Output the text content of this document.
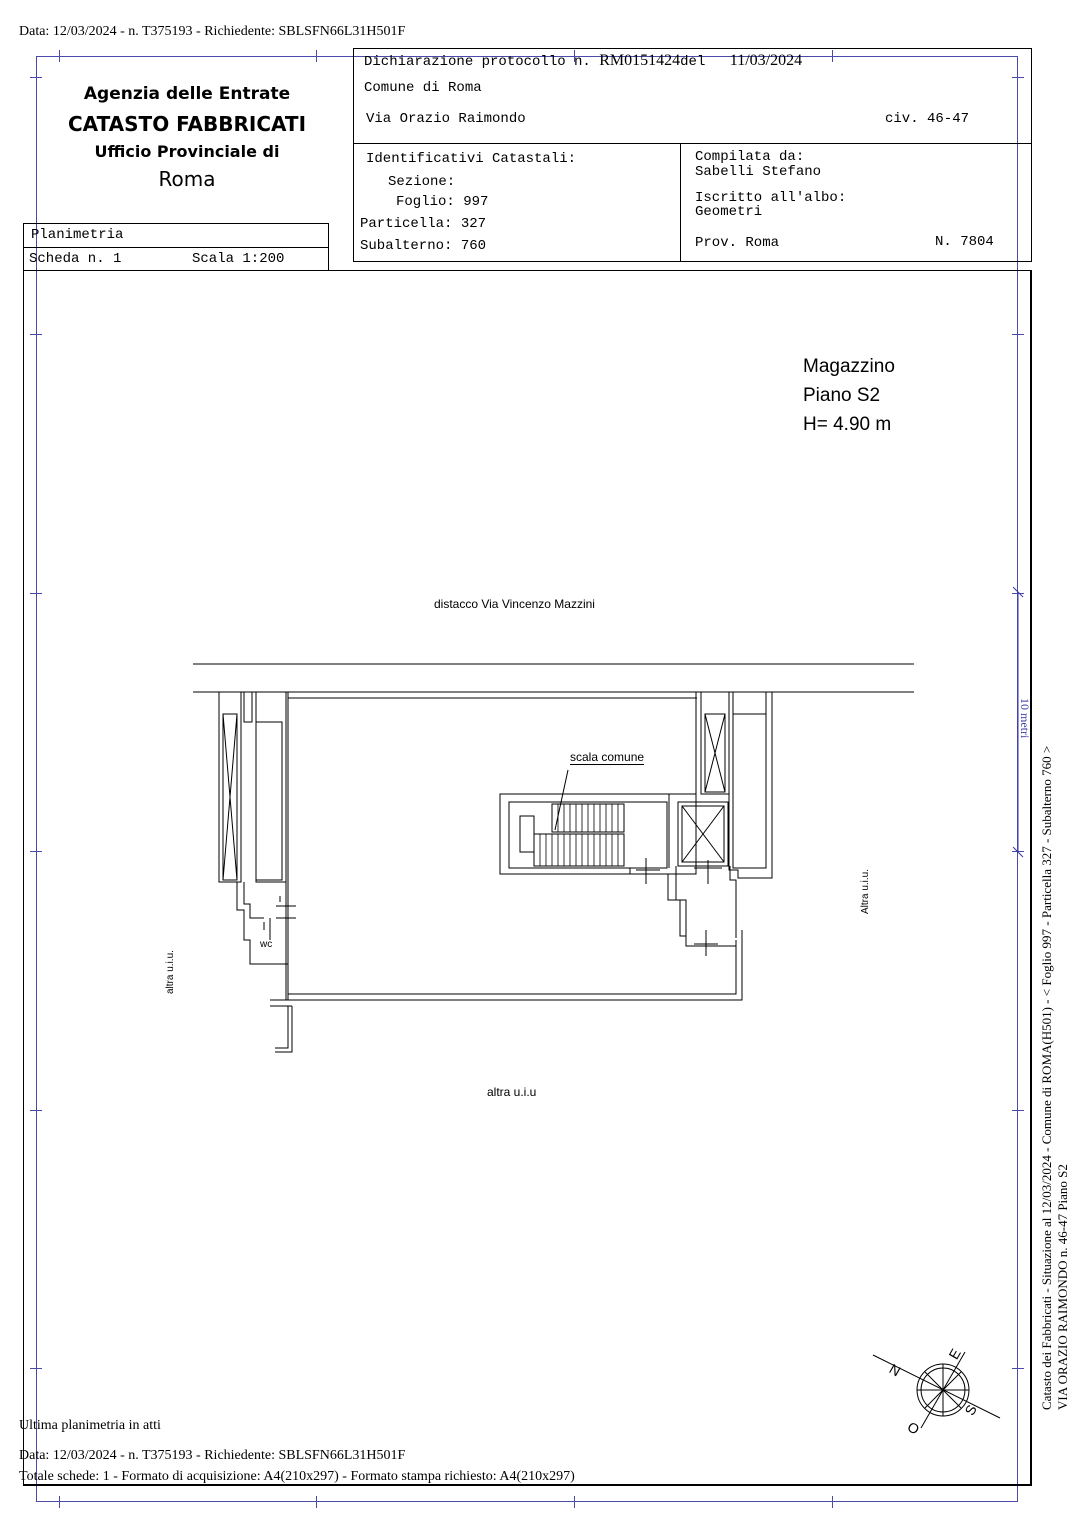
Data: 12/03/2024 - n. T375193 - Richiedente: SBLSFN66L31H501F
Agenzia delle Entrate
CATASTO FABBRICATI
Ufficio Provinciale di
Roma
Planimetria
Scheda n. 1	Scala 1:200
Dichiarazione protocollo n. RM0151424del 11/03/2024
Comune di Roma
Via Orazio Raimondo	civ. 46-47
Identificativi Catastali:
Sezione:
Foglio: 997
Particella: 327
Subalterno: 760
Compilata da:
Sabelli Stefano
Iscritto all'albo:
Geometri
Prov. Roma	N. 7804
Magazzino
Piano S2
H= 4.90 m
distacco Via Vincenzo Mazzini
scala comune
wc
altra u.i.u.
Altra u.i.u.
altra u.i.u
10 metri
N
E
S
O
Catasto dei Fabbricati - Situazione al 12/03/2024 - Comune di ROMA(H501) - < Foglio 997 - Particella 327 - Subalterno 760 > VIA ORAZIO RAIMONDO n. 46-47 Piano S2
Ultima planimetria in atti
Data: 12/03/2024 - n. T375193 - Richiedente: SBLSFN66L31H501F
Totale schede: 1 - Formato di acquisizione: A4(210x297) - Formato stampa richiesto: A4(210x297)
